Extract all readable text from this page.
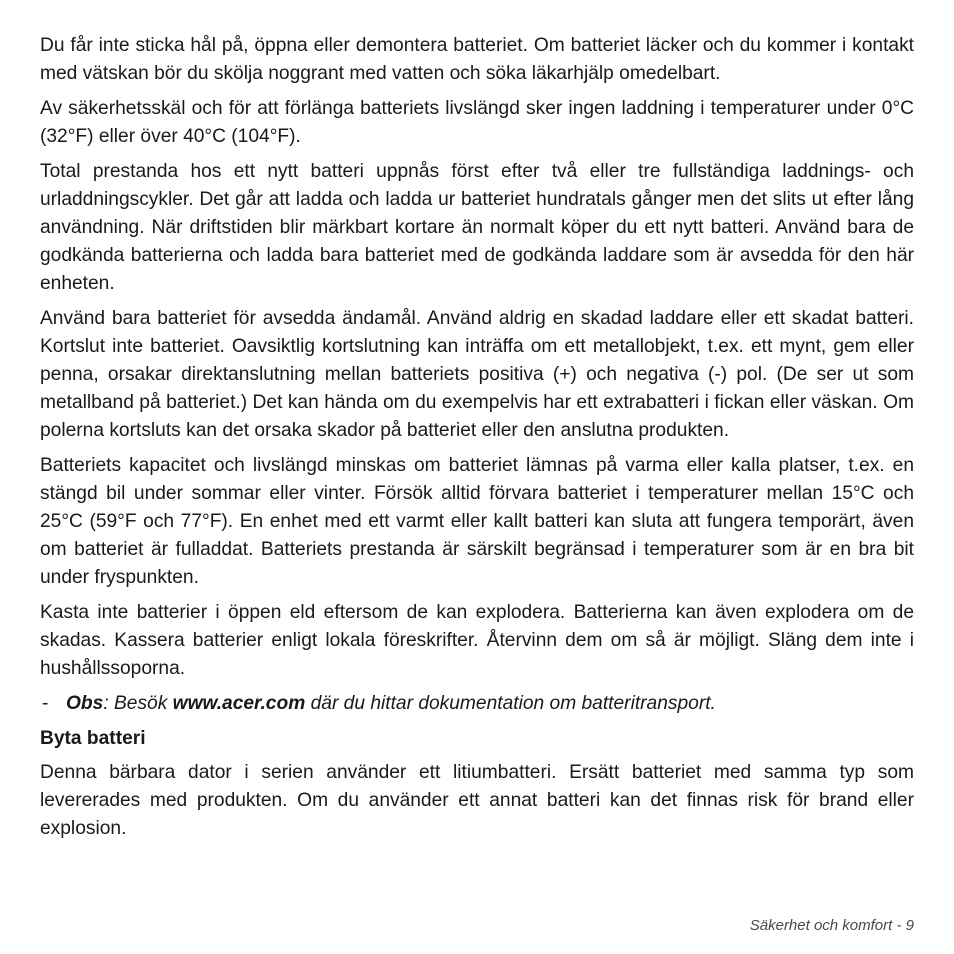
Du får inte sticka hål på, öppna eller demontera batteriet. Om batteriet läcker och du kommer i kontakt med vätskan bör du skölja noggrant med vatten och söka läkarhjälp omedelbart.

Av säkerhetsskäl och för att förlänga batteriets livslängd sker ingen laddning i temperaturer under 0°C (32°F) eller över 40°C (104°F).

Total prestanda hos ett nytt batteri uppnås först efter två eller tre fullständiga laddnings- och urladdningscykler. Det går att ladda och ladda ur batteriet hundratals gånger men det slits ut efter lång användning. När driftstiden blir märkbart kortare än normalt köper du ett nytt batteri. Använd bara de godkända batterierna och ladda bara batteriet med de godkända laddare som är avsedda för den här enheten.

Använd bara batteriet för avsedda ändamål. Använd aldrig en skadad laddare eller ett skadat batteri. Kortslut inte batteriet. Oavsiktlig kortslutning kan inträffa om ett metallobjekt, t.ex. ett mynt, gem eller penna, orsakar direktanslutning mellan batteriets positiva (+) och negativa (-) pol. (De ser ut som metallband på batteriet.) Det kan hända om du exempelvis har ett extrabatteri i fickan eller väskan. Om polerna kortsluts kan det orsaka skador på batteriet eller den anslutna produkten.

Batteriets kapacitet och livslängd minskas om batteriet lämnas på varma eller kalla platser, t.ex. en stängd bil under sommar eller vinter. Försök alltid förvara batteriet i temperaturer mellan 15°C och 25°C (59°F och 77°F). En enhet med ett varmt eller kallt batteri kan sluta att fungera temporärt, även om batteriet är fulladdat. Batteriets prestanda är särskilt begränsad i temperaturer som är en bra bit under fryspunkten.

Kasta inte batterier i öppen eld eftersom de kan explodera. Batterierna kan även explodera om de skadas. Kassera batterier enligt lokala föreskrifter. Återvinn dem om så är möjligt. Släng dem inte i hushållssoporna.

- Obs: Besök www.acer.com där du hittar dokumentation om batteritransport.
Byta batteri

Denna bärbara dator i serien använder ett litiumbatteri. Ersätt batteriet med samma typ som levererades med produkten. Om du använder ett annat batteri kan det finnas risk för brand eller explosion.

Säkerhet och komfort - 9
